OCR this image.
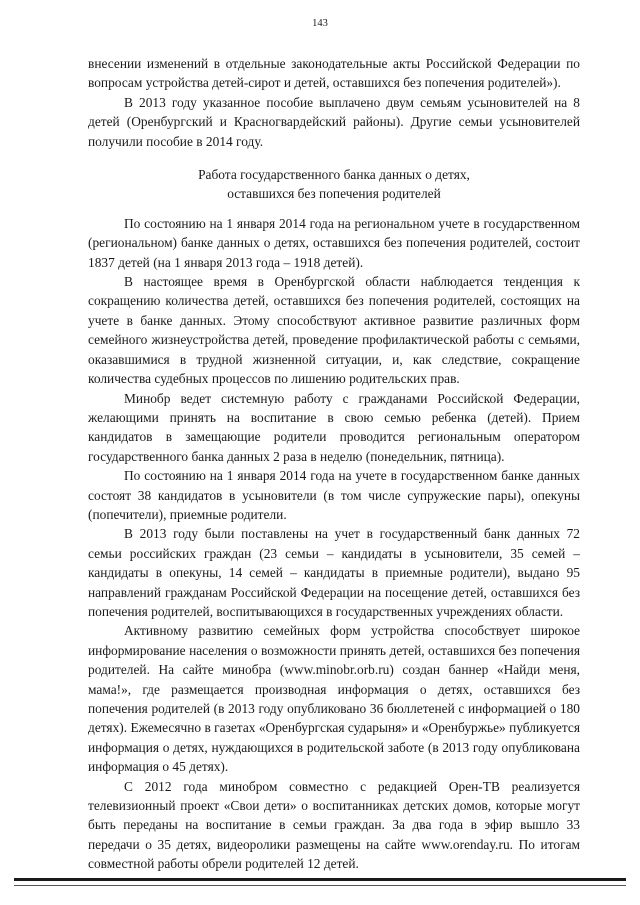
143

внесении изменений в отдельные законодательные акты Российской Федерации по вопросам устройства детей-сирот и детей, оставшихся без попечения родителей»).

В 2013 году указанное пособие выплачено двум семьям усыновителей на 8 детей (Оренбургский и Красногвардейский районы). Другие семьи усыновителей получили пособие в 2014 году.

Работа государственного банка данных о детях,
оставшихся без попечения родителей

По состоянию на 1 января 2014 года на региональном учете в государственном (региональном) банке данных о детях, оставшихся без попечения родителей, состоит 1837 детей (на 1 января 2013 года – 1918 детей).

В настоящее время в Оренбургской области наблюдается тенденция к сокращению количества детей, оставшихся без попечения родителей, состоящих на учете в банке данных. Этому способствуют активное развитие различных форм семейного жизнеустройства детей, проведение профилактической работы с семьями, оказавшимися в трудной жизненной ситуации, и, как следствие, сокращение количества судебных процессов по лишению родительских прав.

Минобр ведет системную работу с гражданами Российской Федерации, желающими принять на воспитание в свою семью ребенка (детей). Прием кандидатов в замещающие родители проводится региональным оператором государственного банка данных 2 раза в неделю (понедельник, пятница).

По состоянию на 1 января 2014 года на учете в государственном банке данных состоят 38 кандидатов в усыновители (в том числе супружеские пары), опекуны (попечители), приемные родители.

В 2013 году были поставлены на учет в государственный банк данных 72 семьи российских граждан (23 семьи – кандидаты в усыновители, 35 семей – кандидаты в опекуны, 14 семей – кандидаты в приемные родители), выдано 95 направлений гражданам Российской Федерации на посещение детей, оставшихся без попечения родителей, воспитывающихся в государственных учреждениях области.

Активному развитию семейных форм устройства способствует широкое информирование населения о возможности принять детей, оставшихся без попечения родителей. На сайте минобра (www.minobr.orb.ru) создан баннер «Найди меня, мама!», где размещается производная информация о детях, оставшихся без попечения родителей (в 2013 году опубликовано 36 бюллетеней с информацией о 180 детях). Ежемесячно в газетах «Оренбургская сударыня» и «Оренбуржье» публикуется информация о детях, нуждающихся в родительской заботе (в 2013 году опубликована информация о 45 детях).

С 2012 года минобром совместно с редакцией Орен-ТВ реализуется телевизионный проект «Свои дети» о воспитанниках детских домов, которые могут быть переданы на воспитание в семьи граждан. За два года в эфир вышло 33 передачи о 35 детях, видеоролики размещены на сайте www.orenday.ru. По итогам совместной работы обрели родителей 12 детей.
